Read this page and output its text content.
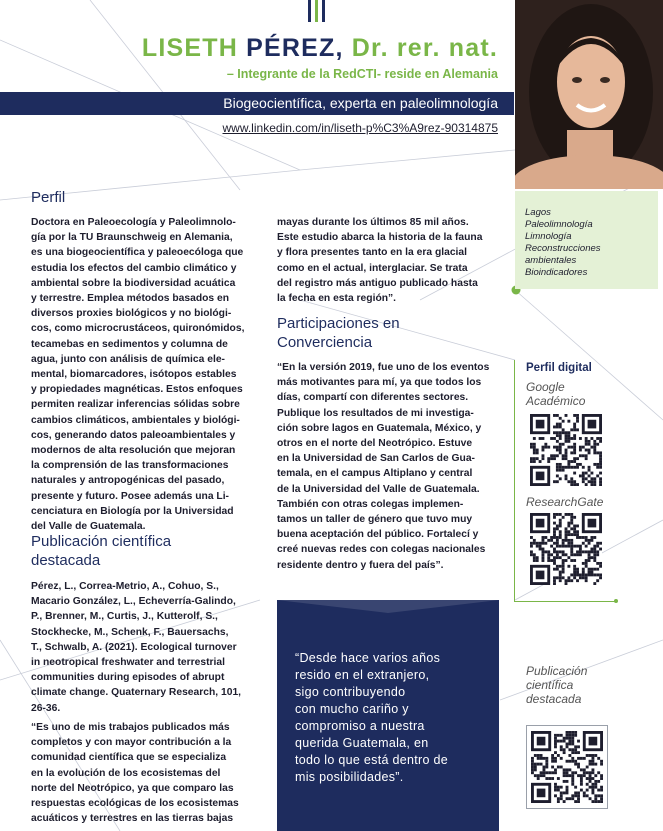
LISETH PÉREZ, Dr. rer. nat.
– Integrante de la RedCTI- reside en Alemania
Biogeocientífica, experta en paleolimnología
www.linkedin.com/in/liseth-p%C3%A9rez-90314875
Lagos
Paleolimnología
Limnología
Reconstrucciones
ambientales
Bioindicadores
Perfil
Doctora en Paleoecología y Paleolimnolo-
gía por la TU Braunschweig en Alemania,
es una biogeocientífica y paleoecóloga que
estudia los efectos del cambio climático y
ambiental sobre la biodiversidad acuática
y terrestre. Emplea métodos basados en
diversos proxies biológicos y no biológi-
cos, como microcrustáceos, quironómidos,
tecamebas en sedimentos y columna de
agua, junto con análisis de química ele-
mental, biomarcadores, isótopos estables
y propiedades magnéticas. Estos enfoques
permiten realizar inferencias sólidas sobre
cambios climáticos, ambientales y biológi-
cos, generando datos paleoambientales y
modernos de alta resolución que mejoran
la comprensión de las transformaciones
naturales y antropogénicas del pasado,
presente y futuro. Posee además una Li-
cenciatura en Biología por la Universidad
del Valle de Guatemala.
Publicación científica
destacada
Pérez, L., Correa-Metrio, A., Cohuo, S.,
Macario González, L., Echeverría-Galindo,
P., Brenner, M., Curtis, J., Kutterolf, S.,
Stockhecke, M., Schenk, F., Bauersachs,
T., Schwalb, A. (2021). Ecological turnover
in neotropical freshwater and terrestrial
communities during episodes of abrupt
climate change. Quaternary Research, 101,
26-36.
“Es uno de mis trabajos publicados más
completos y con mayor contribución a la
comunidad científica que se especializa
en la evolución de los ecosistemas del
norte del Neotrópico, ya que comparo las
respuestas ecológicas de los ecosistemas
acuáticos y terrestres en las tierras bajas
mayas durante los últimos 85 mil años.
Este estudio abarca la historia de la fauna
y flora presentes tanto en la era glacial
como en el actual, interglaciar. Se trata
del registro más antiguo publicado hasta
la fecha en esta región”.
Participaciones en
Converciencia
“En la versión 2019, fue uno de los eventos
más motivantes para mí, ya que todos los
días, compartí con diferentes sectores.
Publique los resultados de mi investiga-
ción sobre lagos en Guatemala, México, y
otros en el norte del Neotrópico. Estuve
en la Universidad de San Carlos de Gua-
temala, en el campus Altiplano y central
de la Universidad del Valle de Guatemala.
También con otras colegas implemen-
tamos un taller de género que tuvo muy
buena aceptación del público. Fortalecí y
creé nuevas redes con colegas nacionales
residente dentro y fuera del país”.
“Desde hace varios años
resido en el extranjero,
sigo contribuyendo
con mucho cariño y
compromiso a nuestra
querida Guatemala, en
todo lo que está dentro de
mis posibilidades”.
Perfil digital
Google
Académico
ResearchGate
Publicación
científica
destacada
